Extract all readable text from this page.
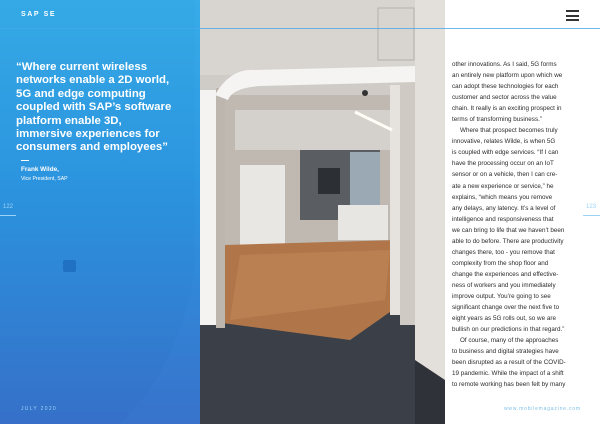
SAP SE
“Where current wireless
networks enable a 2D world,
5G and edge computing
coupled with SAP’s software
platform enable 3D,
immersive experiences for
consumers and employees”
Frank Wilde,
Vice President, SAP
122	123
JULY 2020	www.mobilemagazine.com
other innovations. As I said, 5G forms
an entirely new platform upon which we
can adopt these technologies for each
customer and sector across the value
chain. It really is an exciting prospect in
terms of transforming business.”
Where that prospect becomes truly
innovative, relates Wilde, is when 5G
is coupled with edge services. “If I can
have the processing occur on an IoT
sensor or on a vehicle, then I can cre-
ate a new experience or service,” he
explains, “which means you remove
any delays, any latency. It’s a level of
intelligence and responsiveness that
we can bring to life that we haven’t been
able to do before. There are productivity
changes there, too - you remove that
complexity from the shop floor and
change the experiences and effective-
ness of workers and you immediately
improve output. You’re going to see
significant change over the next five to
eight years as 5G rolls out, so we are
bullish on our predictions in that regard.”
Of course, many of the approaches
to business and digital strategies have
been disrupted as a result of the COVID-
19 pandemic. While the impact of a shift
to remote working has been felt by many
